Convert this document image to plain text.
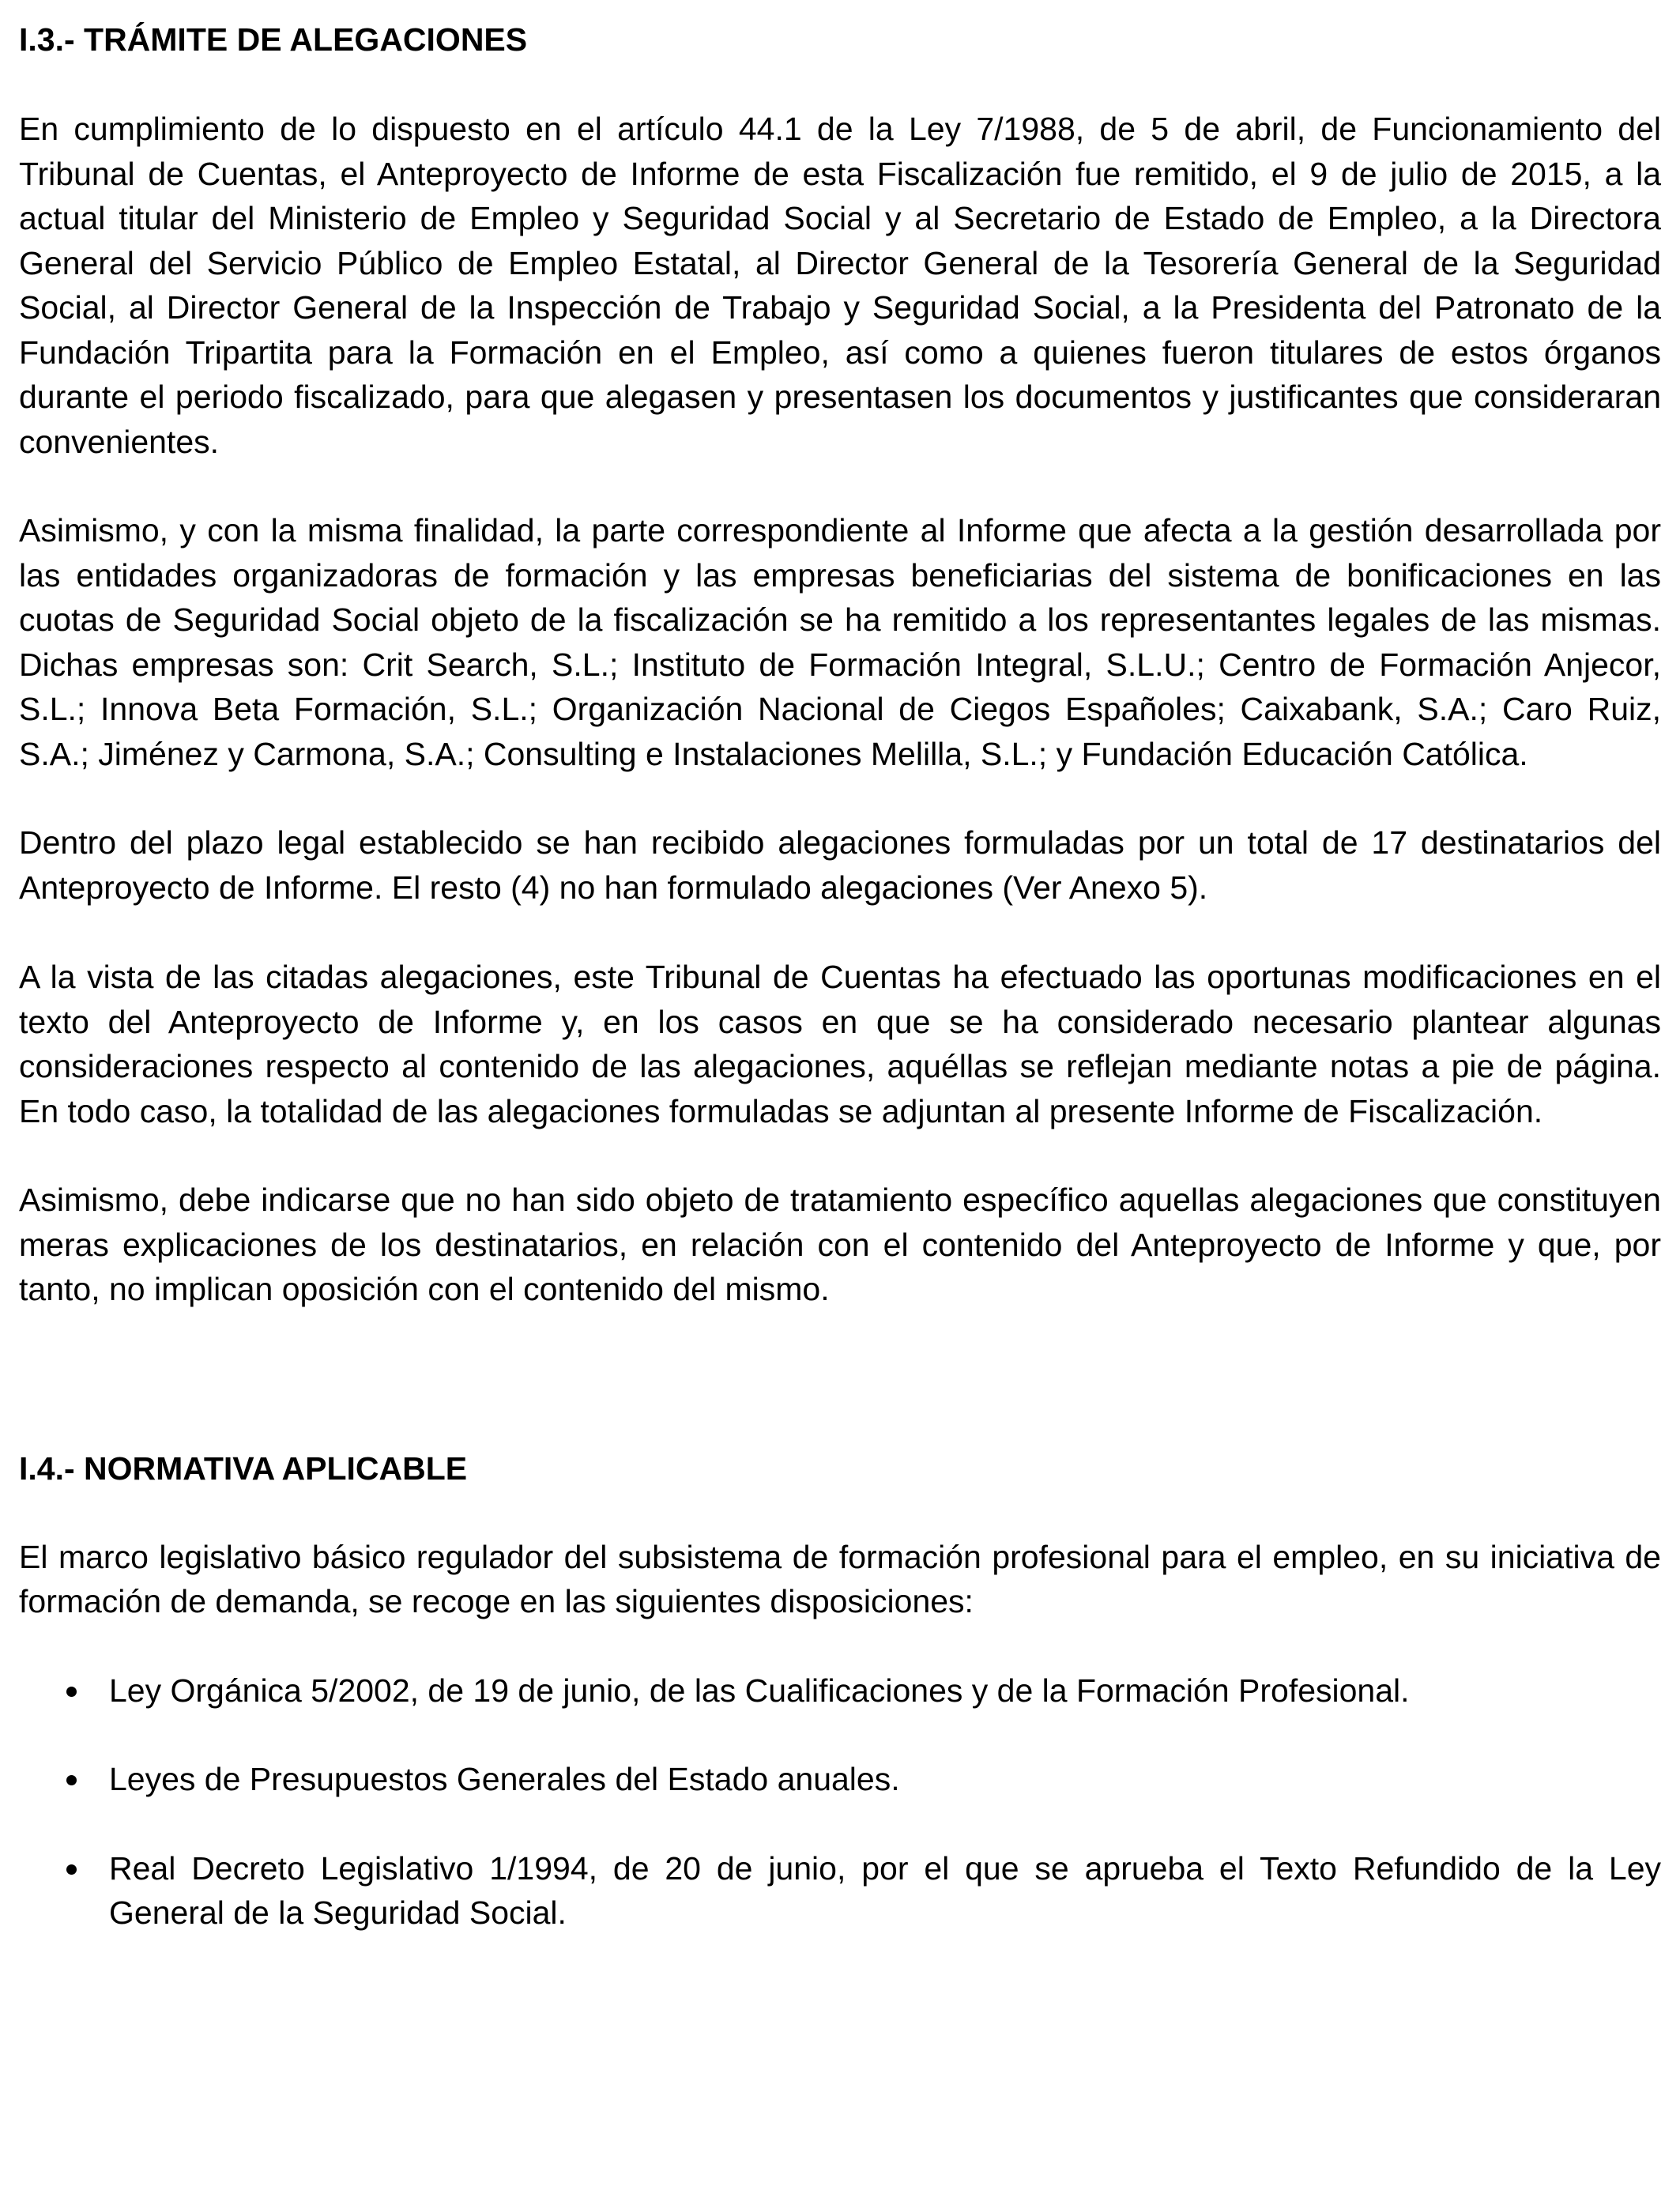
I.3.- TRÁMITE DE ALEGACIONES

En cumplimiento de lo dispuesto en el artículo 44.1 de la Ley 7/1988, de 5 de abril, de Funcionamiento del Tribunal de Cuentas, el Anteproyecto de Informe de esta Fiscalización fue remitido, el 9 de julio de 2015, a la actual titular del Ministerio de Empleo y Seguridad Social y al Secretario de Estado de Empleo, a la Directora General del Servicio Público de Empleo Estatal, al Director General de la Tesorería General de la Seguridad Social, al Director General de la Inspección de Trabajo y Seguridad Social, a la Presidenta del Patronato de la Fundación Tripartita para la Formación en el Empleo, así como a quienes fueron titulares de estos órganos durante el periodo fiscalizado, para que alegasen y presentasen los documentos y justificantes que consideraran convenientes.

Asimismo, y con la misma finalidad, la parte correspondiente al Informe que afecta a la gestión desarrollada por las entidades organizadoras de formación y las empresas beneficiarias del sistema de bonificaciones en las cuotas de Seguridad Social objeto de la fiscalización se ha remitido a los representantes legales de las mismas. Dichas empresas son: Crit Search, S.L.; Instituto de Formación Integral, S.L.U.; Centro de Formación Anjecor, S.L.; Innova Beta Formación, S.L.; Organización Nacional de Ciegos Españoles; Caixabank, S.A.; Caro Ruiz, S.A.; Jiménez y Carmona, S.A.; Consulting e Instalaciones Melilla, S.L.; y Fundación Educación Católica.

Dentro del plazo legal establecido se han recibido alegaciones formuladas por un total de 17 destinatarios del Anteproyecto de Informe. El resto (4) no han formulado alegaciones (Ver Anexo 5).

A la vista de las citadas alegaciones, este Tribunal de Cuentas ha efectuado las oportunas modificaciones en el texto del Anteproyecto de Informe y, en los casos en que se ha considerado necesario plantear algunas consideraciones respecto al contenido de las alegaciones, aquéllas se reflejan mediante notas a pie de página. En todo caso, la totalidad de las alegaciones formuladas se adjuntan al presente Informe de Fiscalización.

Asimismo, debe indicarse que no han sido objeto de tratamiento específico aquellas alegaciones que constituyen meras explicaciones de los destinatarios, en relación con el contenido del Anteproyecto de Informe y que, por tanto, no implican oposición con el contenido del mismo.

I.4.- NORMATIVA APLICABLE

El marco legislativo básico regulador del subsistema de formación profesional para el empleo, en su iniciativa de formación de demanda, se recoge en las siguientes disposiciones:

Ley Orgánica 5/2002, de 19 de junio, de las Cualificaciones y de la Formación Profesional.
Leyes de Presupuestos Generales del Estado anuales.
Real Decreto Legislativo 1/1994, de 20 de junio, por el que se aprueba el Texto Refundido de la Ley General de la Seguridad Social.
